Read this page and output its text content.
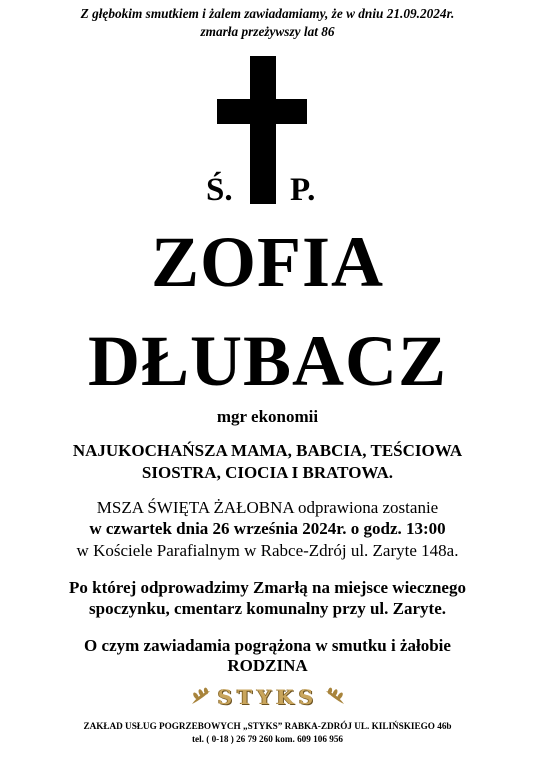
Z głębokim smutkiem i żalem zawiadamiamy, że w dniu 21.09.2024r.
zmarła przeżywszy lat 86
Ś. P.
ZOFIA
DŁUBACZ
mgr ekonomii
NAJUKOCHAŃSZA MAMA, BABCIA, TEŚCIOWA
SIOSTRA, CIOCIA I BRATOWA.
MSZA ŚWIĘTA ŻAŁOBNA odprawiona zostanie
w czwartek dnia 26 września 2024r. o godz. 13:00
w Kościele Parafialnym w Rabce-Zdrój ul. Zaryte 148a.
Po której odprowadzimy Zmarłą na miejsce wiecznego
spoczynku, cmentarz komunalny przy ul. Zaryte.
O czym zawiadamia pogrążona w smutku i żałobie
RODZINA
STYKS
ZAKŁAD USŁUG POGRZEBOWYCH „STYKS” RABKA-ZDRÓJ UL. KILIŃSKIEGO 46b
tel. ( 0-18 ) 26 79 260 kom. 609 106 956
